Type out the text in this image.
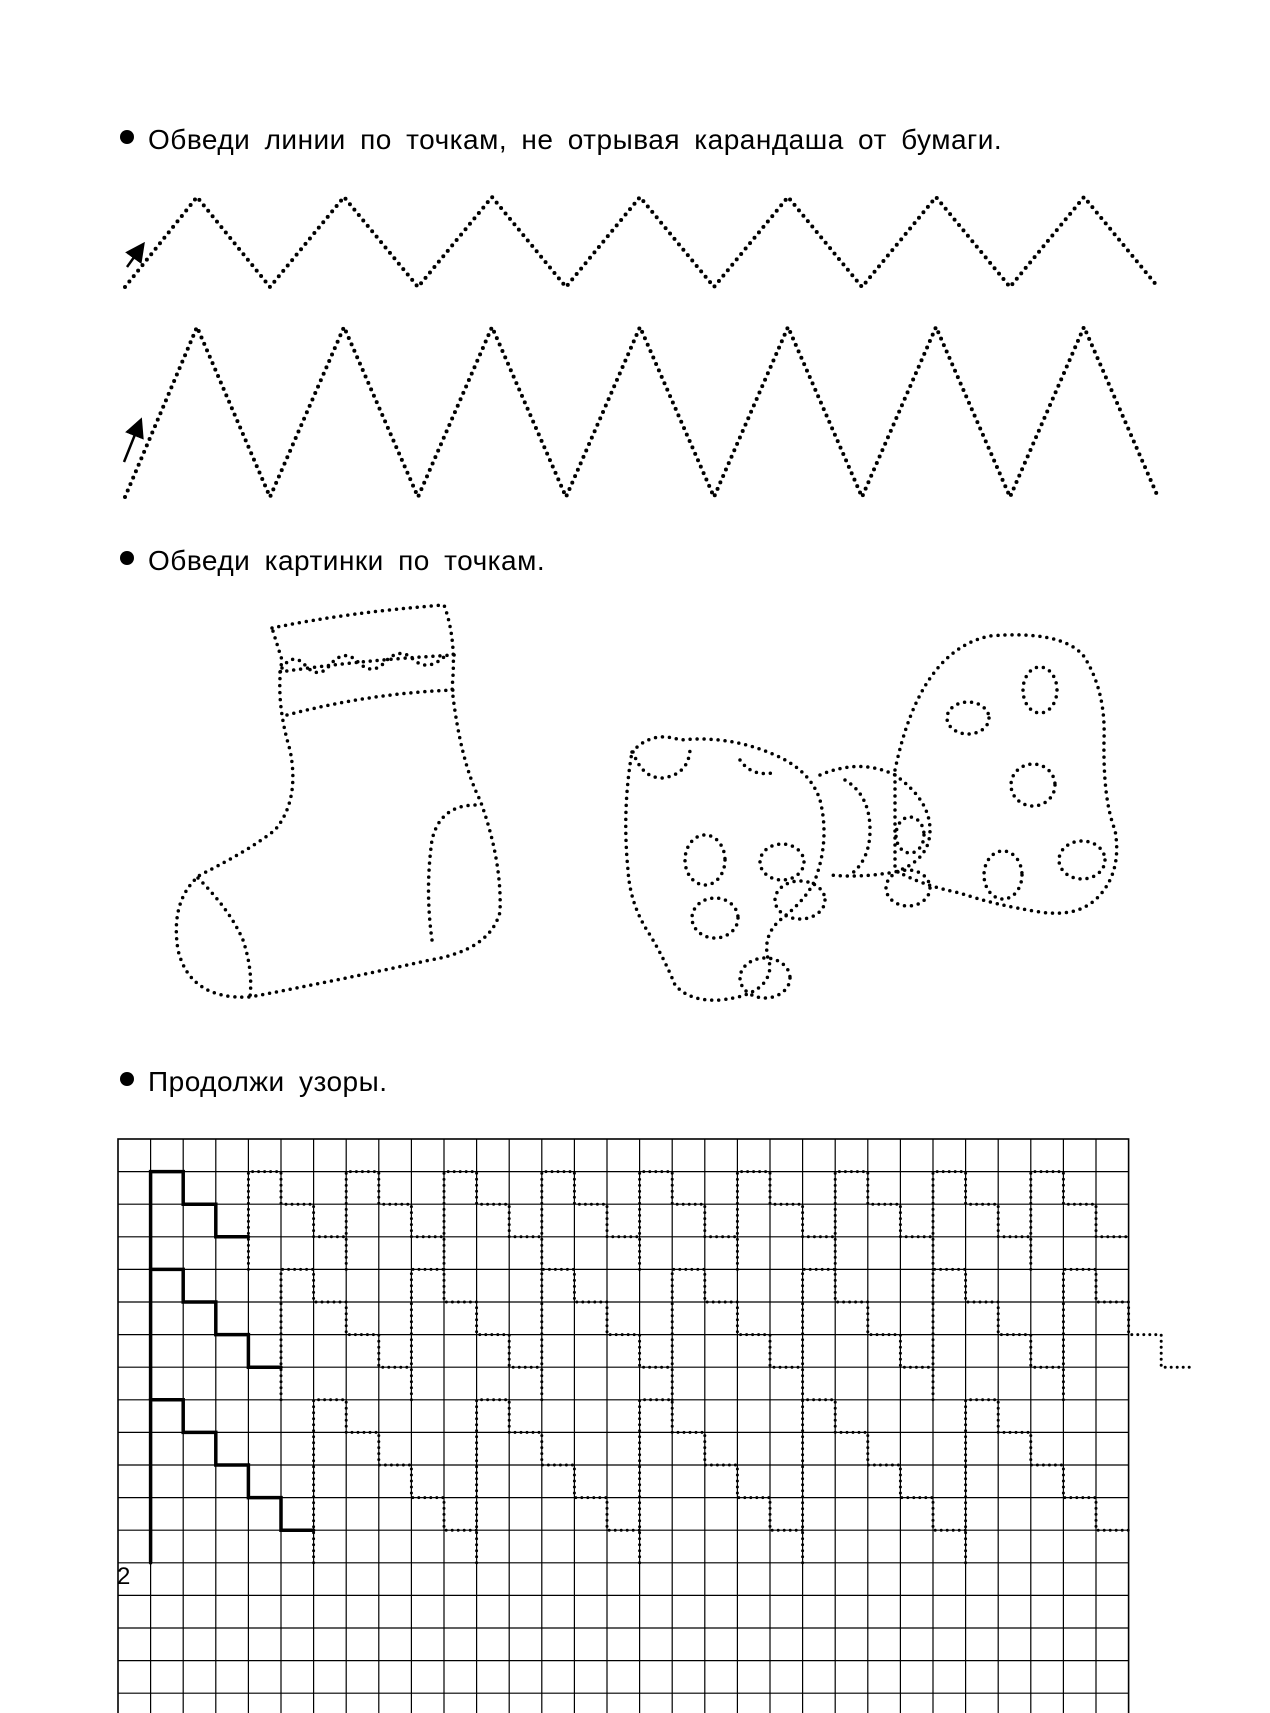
Обведи линии по точкам, не отрывая карандаша от бумаги.
Обведи картинки по точкам.
Продолжи узоры.
2
